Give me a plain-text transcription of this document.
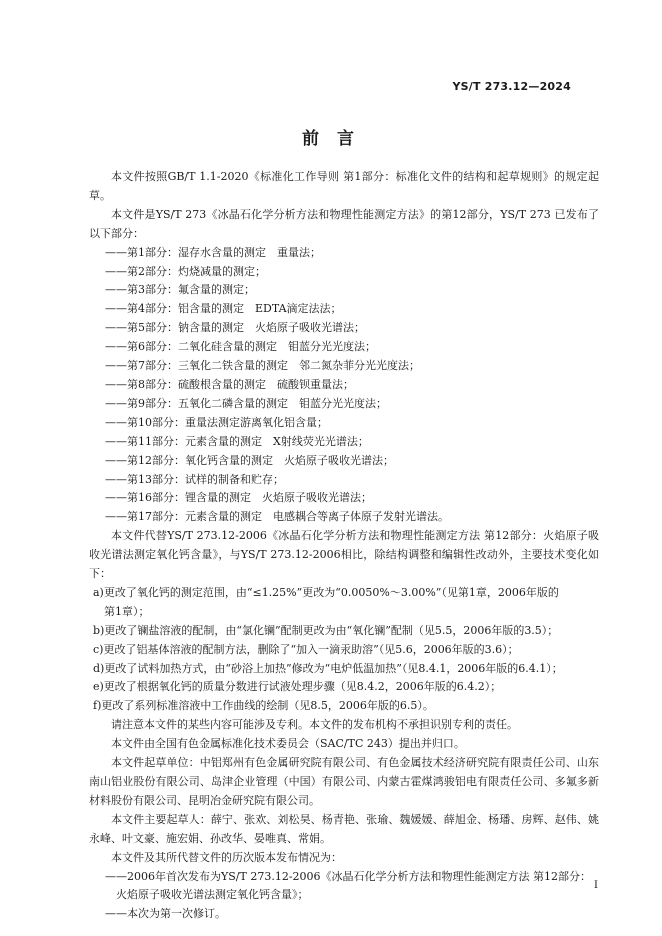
YS/T 273.12—2024
前 言

本文件按照GB/T 1.1-2020《标准化工作导则 第1部分：标准化文件的结构和起草规则》的规定起草。

本文件是YS/T 273《冰晶石化学分析方法和物理性能测定方法》的第12部分，YS/T 273 已发布了以下部分：

——第1部分：湿存水含量的测定　重量法；

——第2部分：灼烧减量的测定；

——第3部分：氟含量的测定；

——第4部分：铝含量的测定　EDTA滴定法法；

——第5部分：钠含量的测定　火焰原子吸收光谱法；

——第6部分：二氧化硅含量的测定　钼蓝分光光度法；

——第7部分：三氧化二铁含量的测定　邻二氮杂菲分光光度法；

——第8部分：硫酸根含量的测定　硫酸钡重量法；

——第9部分：五氧化二磷含量的测定　钼蓝分光光度法；

——第10部分：重量法测定游离氧化铝含量；

——第11部分：元素含量的测定　X射线荧光光谱法；

——第12部分：氧化钙含量的测定　火焰原子吸收光谱法；

——第13部分：试样的制备和贮存；

——第16部分：锂含量的测定　火焰原子吸收光谱法；

——第17部分：元素含量的测定　电感耦合等离子体原子发射光谱法。

本文件代替YS/T 273.12-2006《冰晶石化学分析方法和物理性能测定方法 第12部分：火焰原子吸收光谱法测定氧化钙含量》，与YS/T 273.12-2006相比，除结构调整和编辑性改动外，主要技术变化如下：

a)更改了氧化钙的测定范围，由“≤1.25%”更改为“0.0050%～3.00%”（见第1章，2006年版的

第1章）；

b)更改了镧盐溶液的配制，由“氯化镧”配制更改为由“氧化镧”配制（见5.5，2006年版的3.5）；

c)更改了铝基体溶液的配制方法，删除了“加入一滴汞助溶”（见5.6，2006年版的3.6）；

d)更改了试料加热方式，由“砂浴上加热”修改为“电炉低温加热”（见8.4.1，2006年版的6.4.1）；

e)更改了根据氧化钙的质量分数进行试液处理步骤（见8.4.2，2006年版的6.4.2）；

f)更改了系列标准溶液中工作曲线的绘制（见8.5，2006年版的6.5）。

请注意本文件的某些内容可能涉及专利。本文件的发布机构不承担识别专利的责任。

本文件由全国有色金属标准化技术委员会（SAC/TC 243）提出并归口。

本文件起草单位：中铝郑州有色金属研究院有限公司、有色金属技术经济研究院有限责任公司、山东南山铝业股份有限公司、岛津企业管理（中国）有限公司、内蒙古霍煤鸿骏铝电有限责任公司、多氟多新材料股份有限公司、昆明冶金研究院有限公司。

本文件主要起草人：薛宁、张欢、刘松昊、杨青艳、张瑜、魏媛媛、薛旭金、杨璠、房辉、赵伟、姚永峰、叶文豪、施宏娟、孙改华、晏唯真、常娟。

本文件及其所代替文件的历次版本发布情况为：

——2006年首次发布为YS/T 273.12-2006《冰晶石化学分析方法和物理性能测定方法 第12部分：

火焰原子吸收光谱法测定氧化钙含量》；

——本次为第一次修订。

I
